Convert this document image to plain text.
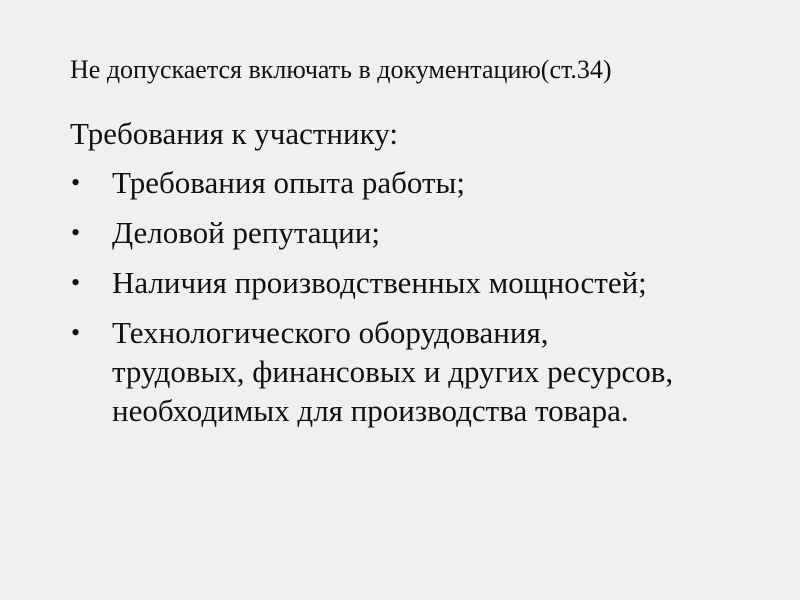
Не допускается включать в документацию(ст.34)
Требования к участнику:
• Требования опыта работы;
• Деловой репутации;
• Наличия производственных мощностей;
• Технологического оборудования,
трудовых, финансовых и других ресурсов,
необходимых для производства товара.
